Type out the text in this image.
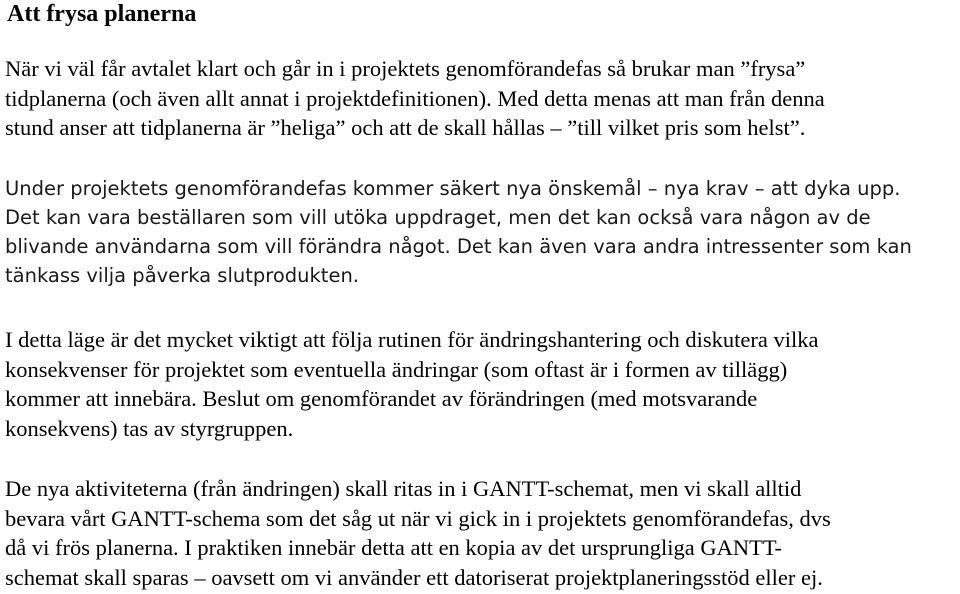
Att frysa planerna

När vi väl får avtalet klart och går in i projektets genomförandefas så brukar man ”frysa”
tidplanerna (och även allt annat i projektdefinitionen). Med detta menas att man från denna
stund anser att tidplanerna är ”heliga” och att de skall hållas – ”till vilket pris som helst”.

Under projektets genomförandefas kommer säkert nya önskemål – nya krav – att dyka upp.
Det kan vara beställaren som vill utöka uppdraget, men det kan också vara någon av de
blivande användarna som vill förändra något. Det kan även vara andra intressenter som kan
tänkass vilja påverka slutprodukten.

I detta läge är det mycket viktigt att följa rutinen för ändringshantering och diskutera vilka
konsekvenser för projektet som eventuella ändringar (som oftast är i formen av tillägg)
kommer att innebära. Beslut om genomförandet av förändringen (med motsvarande
konsekvens) tas av styrgruppen.

De nya aktiviteterna (från ändringen) skall ritas in i GANTT-schemat, men vi skall alltid
bevara vårt GANTT-schema som det såg ut när vi gick in i projektets genomförandefas, dvs
då vi frös planerna. I praktiken innebär detta att en kopia av det ursprungliga GANTT-
schemat skall sparas – oavsett om vi använder ett datoriserat projektplaneringsstöd eller ej.
